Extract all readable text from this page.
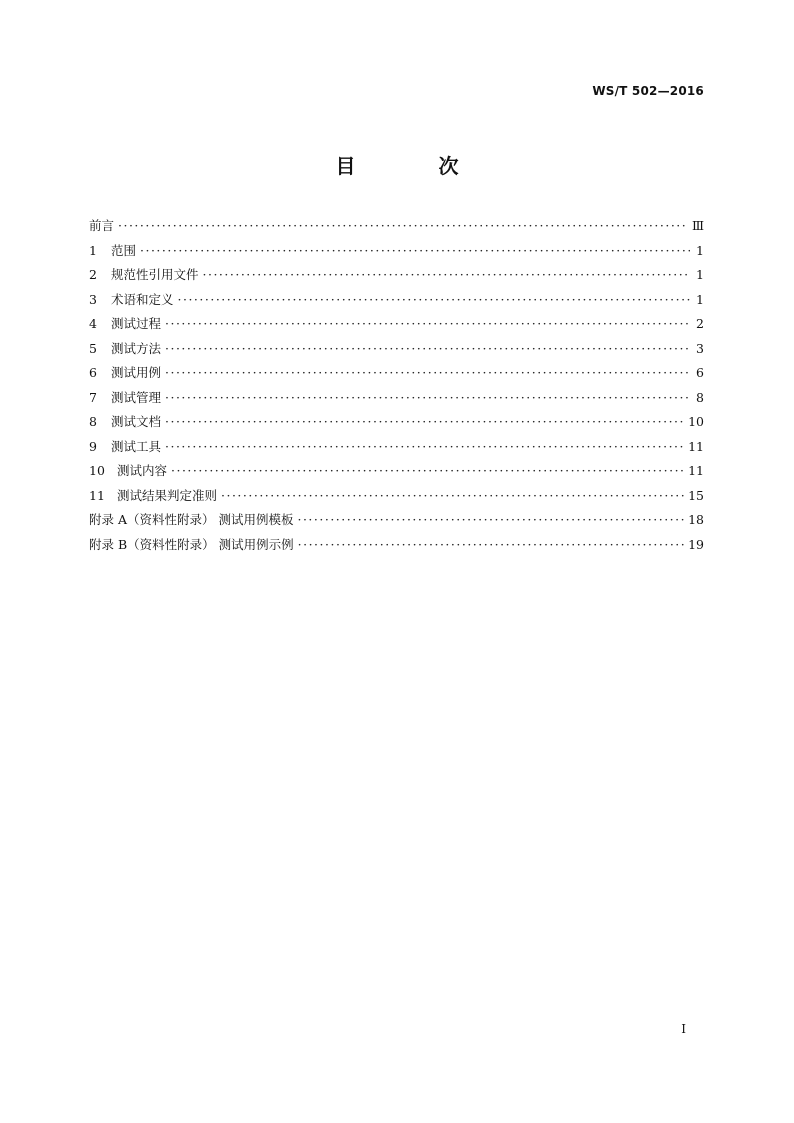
WS/T 502—2016
目 次
前言 ·····	Ⅲ
1	范围 ·····	1
2	规范性引用文件 ·····	1
3	术语和定义 ·····	1
4	测试过程 ·····	2
5	测试方法 ·····	3
6	测试用例 ·····	6
7	测试管理 ·····	8
8	测试文档 ·····	10
9	测试工具 ·····	11
10 测试内容 ·····	11
11 测试结果判定准则 ·····	15
附录 A（资料性附录） 测试用例模板 ·····	18
附录 B（资料性附录） 测试用例示例 ·····	19
I
